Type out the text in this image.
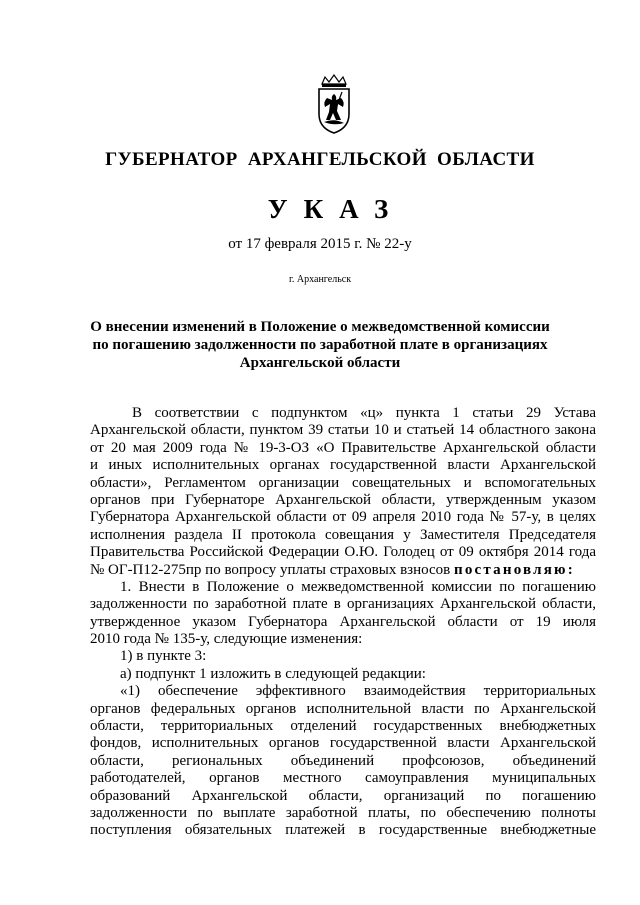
ГУБЕРНАТОР АРХАНГЕЛЬСКОЙ ОБЛАСТИ
УКАЗ
от 17 февраля 2015 г. № 22-у
г. Архангельск
О внесении изменений в Положение о межведомственной комиссии
по погашению задолженности по заработной плате в организациях
Архангельской области
В соответствии с подпунктом «ц» пункта 1 статьи 29 Устава
Архангельской области, пунктом 39 статьи 10 и статьей 14 областного закона
от 20 мая 2009 года № 19-3-ОЗ «О Правительстве Архангельской области
и иных исполнительных органах государственной власти Архангельской
области», Регламентом организации совещательных и вспомогательных
органов при Губернаторе Архангельской области, утвержденным указом
Губернатора Архангельской области от 09 апреля 2010 года № 57-у, в целях
исполнения раздела II протокола совещания у Заместителя Председателя
Правительства Российской Федерации О.Ю. Голодец от 09 октября 2014 года
№ ОГ-П12-275пр по вопросу уплаты страховых взносов постановляю:
1. Внести в Положение о межведомственной комиссии по погашению
задолженности по заработной плате в организациях Архангельской области,
утвержденное указом Губернатора Архангельской области от 19 июля
2010 года № 135-у, следующие изменения:
1) в пункте 3:
а) подпункт 1 изложить в следующей редакции:
«1) обеспечение эффективного взаимодействия территориальных
органов федеральных органов исполнительной власти по Архангельской
области, территориальных отделений государственных внебюджетных
фондов, исполнительных органов государственной власти Архангельской
области, региональных объединений профсоюзов, объединений
работодателей, органов местного самоуправления муниципальных
образований Архангельской области, организаций по погашению
задолженности по выплате заработной платы, по обеспечению полноты
поступления обязательных платежей в государственные внебюджетные
